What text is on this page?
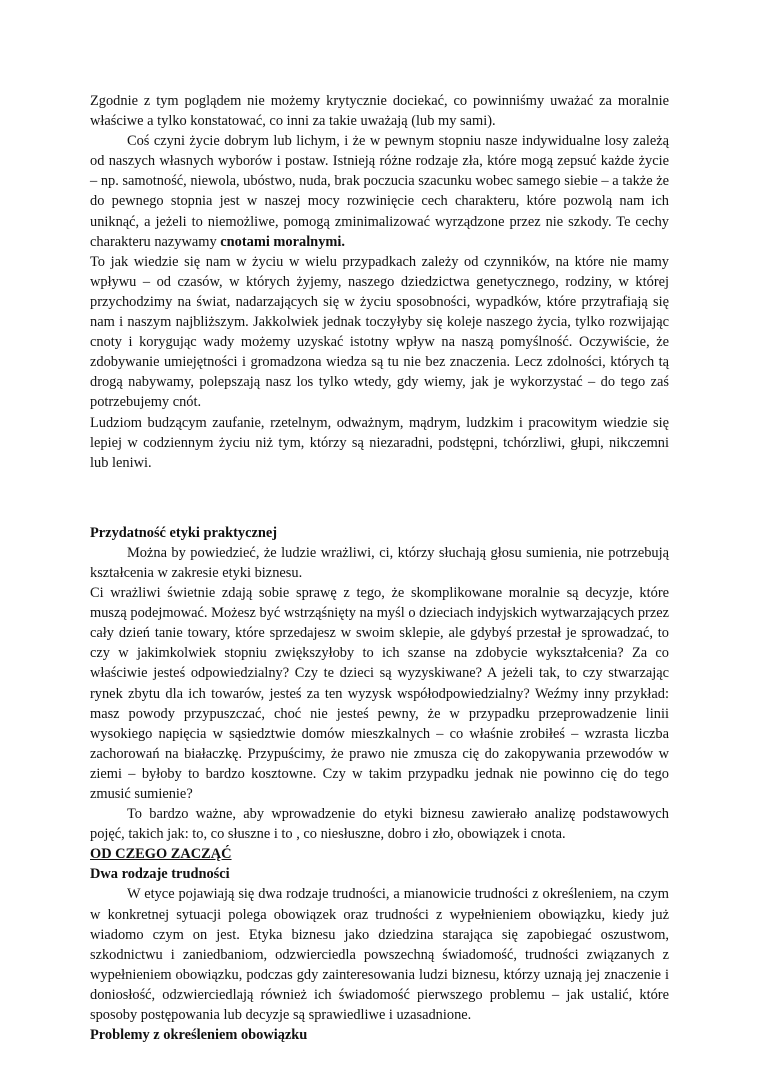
Zgodnie z tym poglądem nie możemy krytycznie dociekać, co powinniśmy uważać za moralnie właściwe a tylko konstatować, co inni za takie uważają (lub my sami).

Coś czyni życie dobrym lub lichym, i że w pewnym stopniu nasze indywidualne losy zależą od naszych własnych wyborów i postaw. Istnieją różne rodzaje zła, które mogą zepsuć każde życie – np. samotność, niewola, ubóstwo, nuda, brak poczucia szacunku wobec samego siebie – a także że do pewnego stopnia jest w naszej mocy rozwinięcie cech charakteru, które pozwolą nam ich uniknąć, a jeżeli to niemożliwe, pomogą zminimalizować wyrządzone przez nie szkody. Te cechy charakteru nazywamy cnotami moralnymi.

To jak wiedzie się nam w życiu w wielu przypadkach zależy od czynników, na które nie mamy wpływu – od czasów, w których żyjemy, naszego dziedzictwa genetycznego, rodziny, w której przychodzimy na świat, nadarzających się w życiu sposobności, wypadków, które przytrafiają się nam i naszym najbliższym. Jakkolwiek jednak toczyłyby się koleje naszego życia, tylko rozwijając cnoty i korygując wady możemy uzyskać istotny wpływ na naszą pomyślność. Oczywiście, że zdobywanie umiejętności i gromadzona wiedza są tu nie bez znaczenia. Lecz zdolności, których tą drogą nabywamy, polepszają nasz los tylko wtedy, gdy wiemy, jak je wykorzystać – do tego zaś potrzebujemy cnót.

Ludziom budzącym zaufanie, rzetelnym, odważnym, mądrym, ludzkim i pracowitym wiedzie się lepiej w codziennym życiu niż tym, którzy są niezaradni, podstępni, tchórzliwi, głupi, nikczemni lub leniwi.

Przydatność etyki praktycznej

Można by powiedzieć, że ludzie wrażliwi, ci, którzy słuchają głosu sumienia, nie potrzebują kształcenia w zakresie etyki biznesu.

Ci wrażliwi świetnie zdają sobie sprawę z tego, że skomplikowane moralnie są decyzje, które muszą podejmować. Możesz być wstrząśnięty na myśl o dzieciach indyjskich wytwarzających przez cały dzień tanie towary, które sprzedajesz w swoim sklepie, ale gdybyś przestał je sprowadzać, to czy w jakimkolwiek stopniu zwiększyłoby to ich szanse na zdobycie wykształcenia? Za co właściwie jesteś odpowiedzialny? Czy te dzieci są wyzyskiwane? A jeżeli tak, to czy stwarzając rynek zbytu dla ich towarów, jesteś za ten wyzysk współodpowiedzialny? Weźmy inny przykład: masz powody przypuszczać, choć nie jesteś pewny, że w przypadku przeprowadzenie linii wysokiego napięcia w sąsiedztwie domów mieszkalnych – co właśnie zrobiłeś – wzrasta liczba zachorowań na białaczkę. Przypuścimy, że prawo nie zmusza cię do zakopywania przewodów w ziemi – byłoby to bardzo kosztowne. Czy w takim przypadku jednak nie powinno cię do tego zmusić sumienie?

To bardzo ważne, aby wprowadzenie do etyki biznesu zawierało analizę podstawowych pojęć, takich jak: to, co słuszne i to , co niesłuszne, dobro i zło, obowiązek i cnota.

OD CZEGO ZACZĄĆ

Dwa rodzaje trudności

W etyce pojawiają się dwa rodzaje trudności, a mianowicie trudności z określeniem, na czym w konkretnej sytuacji polega obowiązek oraz trudności z wypełnieniem obowiązku, kiedy już wiadomo czym on jest. Etyka biznesu jako dziedzina starająca się zapobiegać oszustwom, szkodnictwu i zaniedbaniom, odzwierciedla powszechną świadomość, trudności związanych z wypełnieniem obowiązku, podczas gdy zainteresowania ludzi biznesu, którzy uznają jej znaczenie i doniosłość, odzwierciedlają również ich świadomość pierwszego problemu – jak ustalić, które sposoby postępowania lub decyzje są sprawiedliwe i uzasadnione.

Problemy z określeniem obowiązku
